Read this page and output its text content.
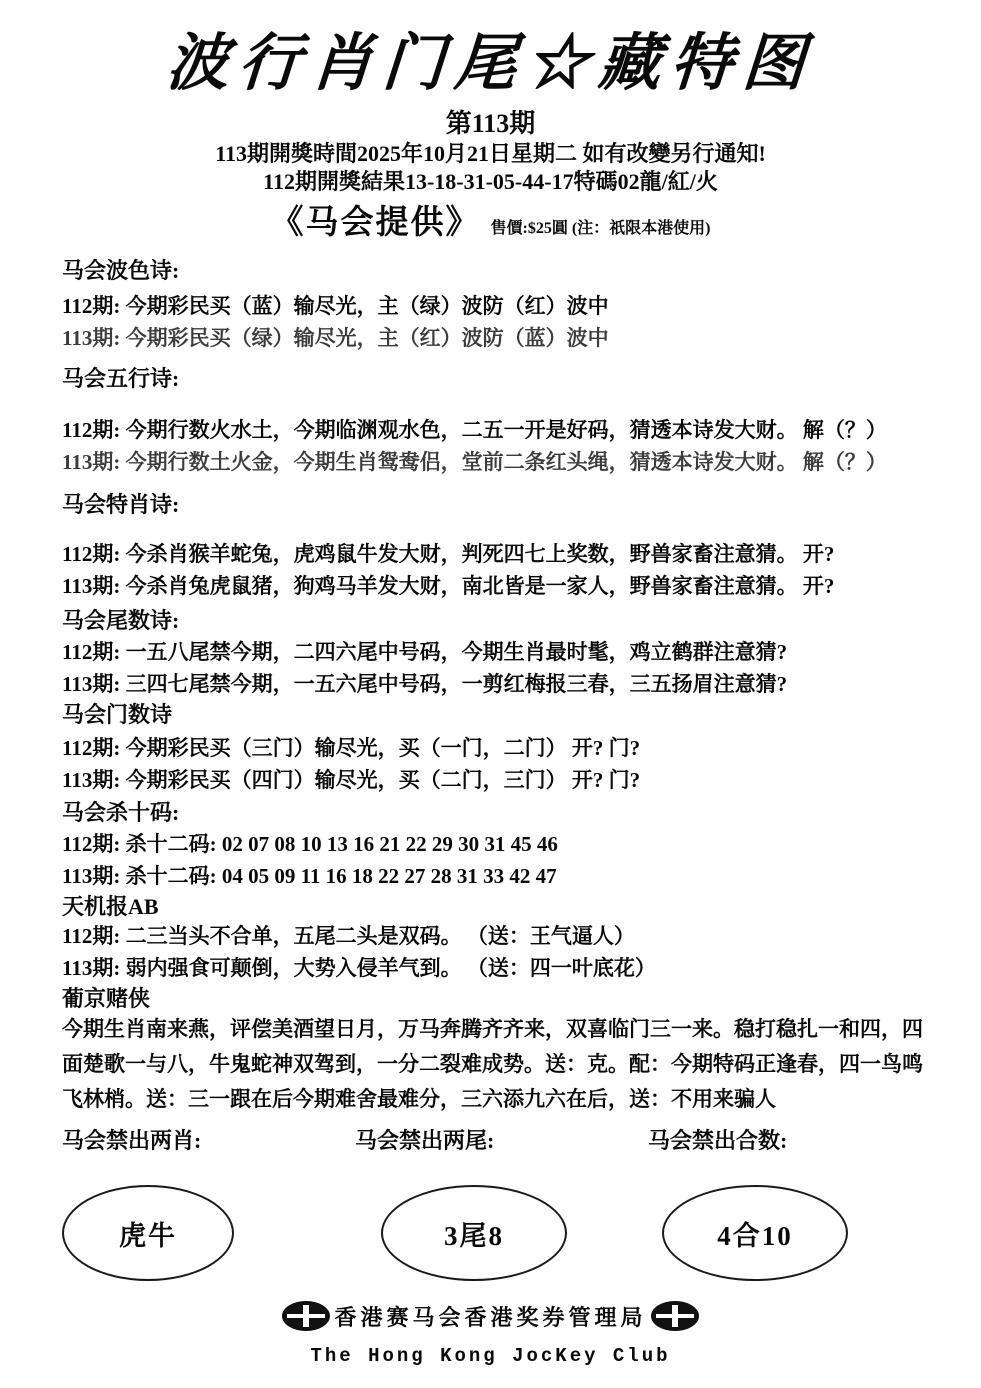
波行肖门尾☆藏特图
第113期
113期開獎時間2025年10月21日星期二 如有改變另行通知!
112期開獎結果13-18-31-05-44-17特碼02龍/紅/火
《马会提供》 售價:$25圓 (注：祇限本港使用)
马会波色诗:
112期: 今期彩民买（蓝）输尽光，主（绿）波防（红）波中
113期: 今期彩民买（绿）输尽光，主（红）波防（蓝）波中
马会五行诗:
112期: 今期行数火水土，今期临渊观水色，二五一开是好码，猜透本诗发大财。 解（？）
113期: 今期行数土火金，今期生肖鸳鸯侣，堂前二条红头绳，猜透本诗发大财。 解（？）
马会特肖诗:
112期: 今杀肖猴羊蛇兔，虎鸡鼠牛发大财，判死四七上奖数，野兽家畜注意猜。 开?
113期: 今杀肖兔虎鼠猪，狗鸡马羊发大财，南北皆是一家人，野兽家畜注意猜。 开?
马会尾数诗:
112期: 一五八尾禁今期，二四六尾中号码，今期生肖最时髦，鸡立鹤群注意猜?
113期: 三四七尾禁今期，一五六尾中号码，一剪红梅报三春，三五扬眉注意猜?
马会门数诗
112期: 今期彩民买（三门）输尽光，买（一门，二门） 开? 门?
113期: 今期彩民买（四门）输尽光，买（二门，三门） 开? 门?
马会杀十码:
112期: 杀十二码: 02 07 08 10 13 16 21 22 29 30 31 45 46
113期: 杀十二码: 04 05 09 11 16 18 22 27 28 31 33 42 47
天机报AB
112期: 二三当头不合单，五尾二头是双码。 （送：王气逼人）
113期: 弱内强食可颠倒，大势入侵羊气到。 （送：四一叶底花）
葡京赌侠
今期生肖南来燕，评偿美酒望日月，万马奔腾齐齐来，双喜临门三一来。稳打稳扎一和四，四
面楚歌一与八，牛鬼蛇神双驾到，一分二裂难成势。送：克。配：今期特码正逢春，四一鸟鸣
飞林梢。送：三一跟在后今期难舍最难分，三六添九六在后，送：不用来骗人
马会禁出两肖:
虎牛
马会禁出两尾:
3尾8
马会禁出合数:
4合10
香港赛马会香港奖券管理局
The Hong Kong JocKey Club
